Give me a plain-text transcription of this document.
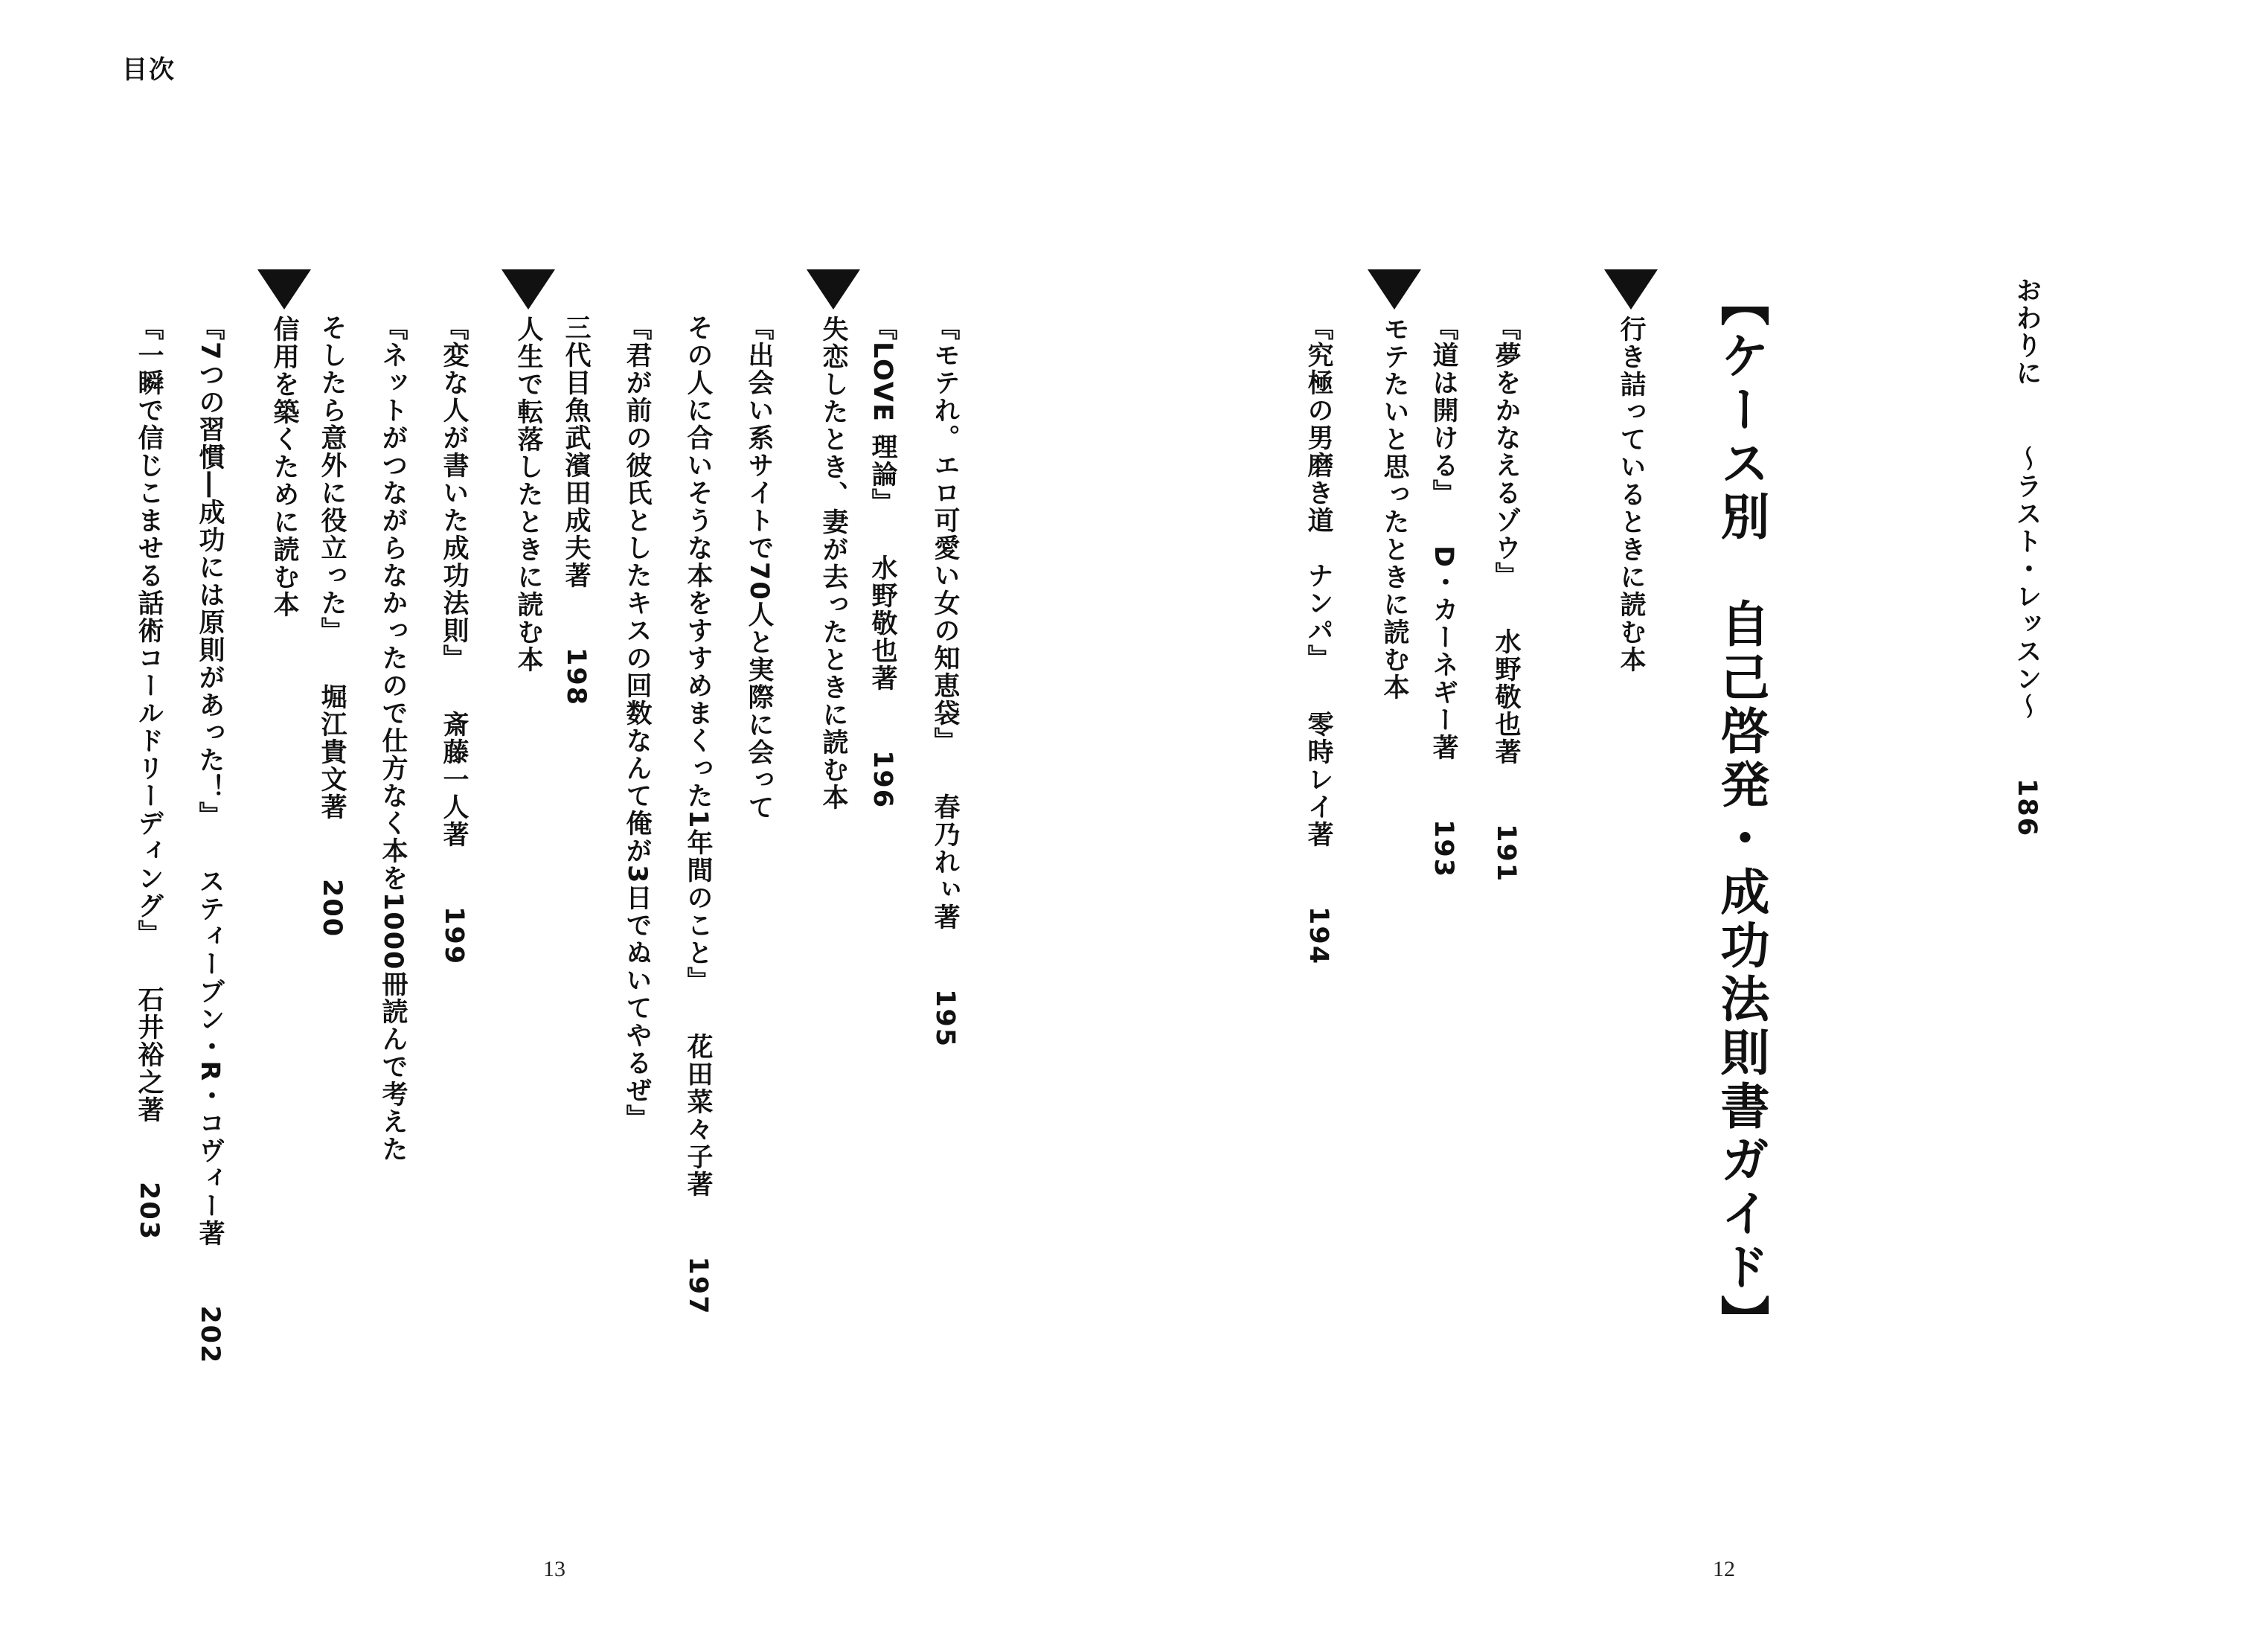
目次
おわりに〜ラスト・レッスン〜186
【ケース別　自己啓発・成功法則書ガイド】
行き詰っているときに読む本
『夢をかなえるゾウ』水野敬也著191
『道は開ける』D・カーネギー著193
モテたいと思ったときに読む本
『究極の男磨き道　ナンパ』零時レイ著194
12
『モテれ。エロ可愛い女の知恵袋』春乃れぃ著195
『LOVE 理論』水野敬也著196
失恋したとき、妻が去ったときに読む本
『出会い系サイトで70人と実際に会って
その人に合いそうな本をすすめまくった1年間のこと』花田菜々子著197
『君が前の彼氏としたキスの回数なんて俺が3日でぬいてやるぜ』
三代目魚武濱田成夫著198
人生で転落したときに読む本
『変な人が書いた成功法則』斎藤一人著199
『ネットがつながらなかったので仕方なく本を1000冊読んで考えた
そしたら意外に役立った』堀江貴文著200
信用を築くために読む本
『7つの習慣―成功には原則があった！』スティーブン・R・コヴィー著202
『一瞬で信じこませる話術コールドリーディング』石井裕之著203
13
